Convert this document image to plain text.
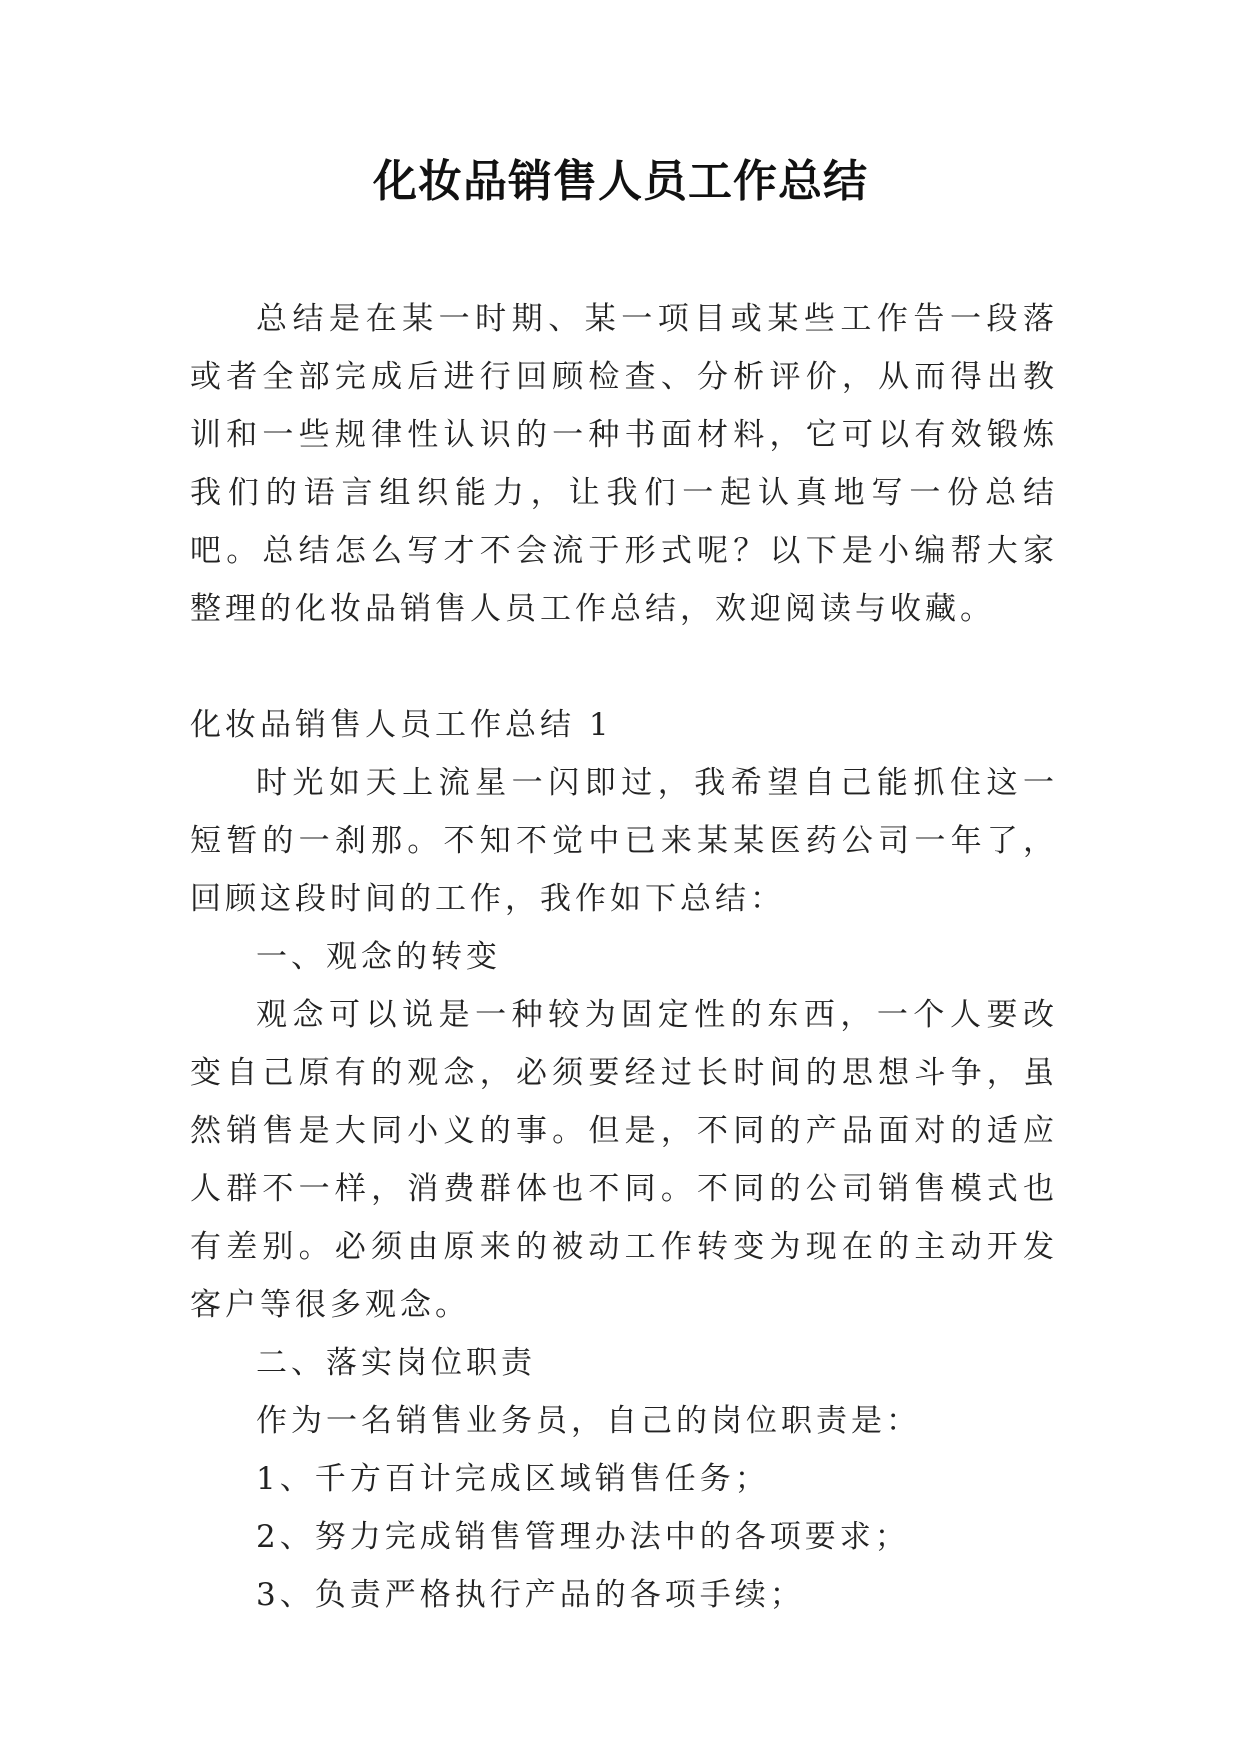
化妆品销售人员工作总结

总结是在某一时期、某一项目或某些工作告一段落或者全部完成后进行回顾检查、分析评价，从而得出教训和一些规律性认识的一种书面材料，它可以有效锻炼我们的语言组织能力，让我们一起认真地写一份总结吧。总结怎么写才不会流于形式呢？以下是小编帮大家整理的化妆品销售人员工作总结，欢迎阅读与收藏。

化妆品销售人员工作总结 1

时光如天上流星一闪即过，我希望自己能抓住这一短暂的一刹那。不知不觉中已来某某医药公司一年了，回顾这段时间的工作，我作如下总结：

一、观念的转变

观念可以说是一种较为固定性的东西，一个人要改变自己原有的观念，必须要经过长时间的思想斗争，虽然销售是大同小义的事。但是，不同的产品面对的适应人群不一样，消费群体也不同。不同的公司销售模式也有差别。必须由原来的被动工作转变为现在的主动开发客户等很多观念。

二、落实岗位职责

作为一名销售业务员，自己的岗位职责是：

1、千方百计完成区域销售任务；

2、努力完成销售管理办法中的各项要求；

3、负责严格执行产品的各项手续；
